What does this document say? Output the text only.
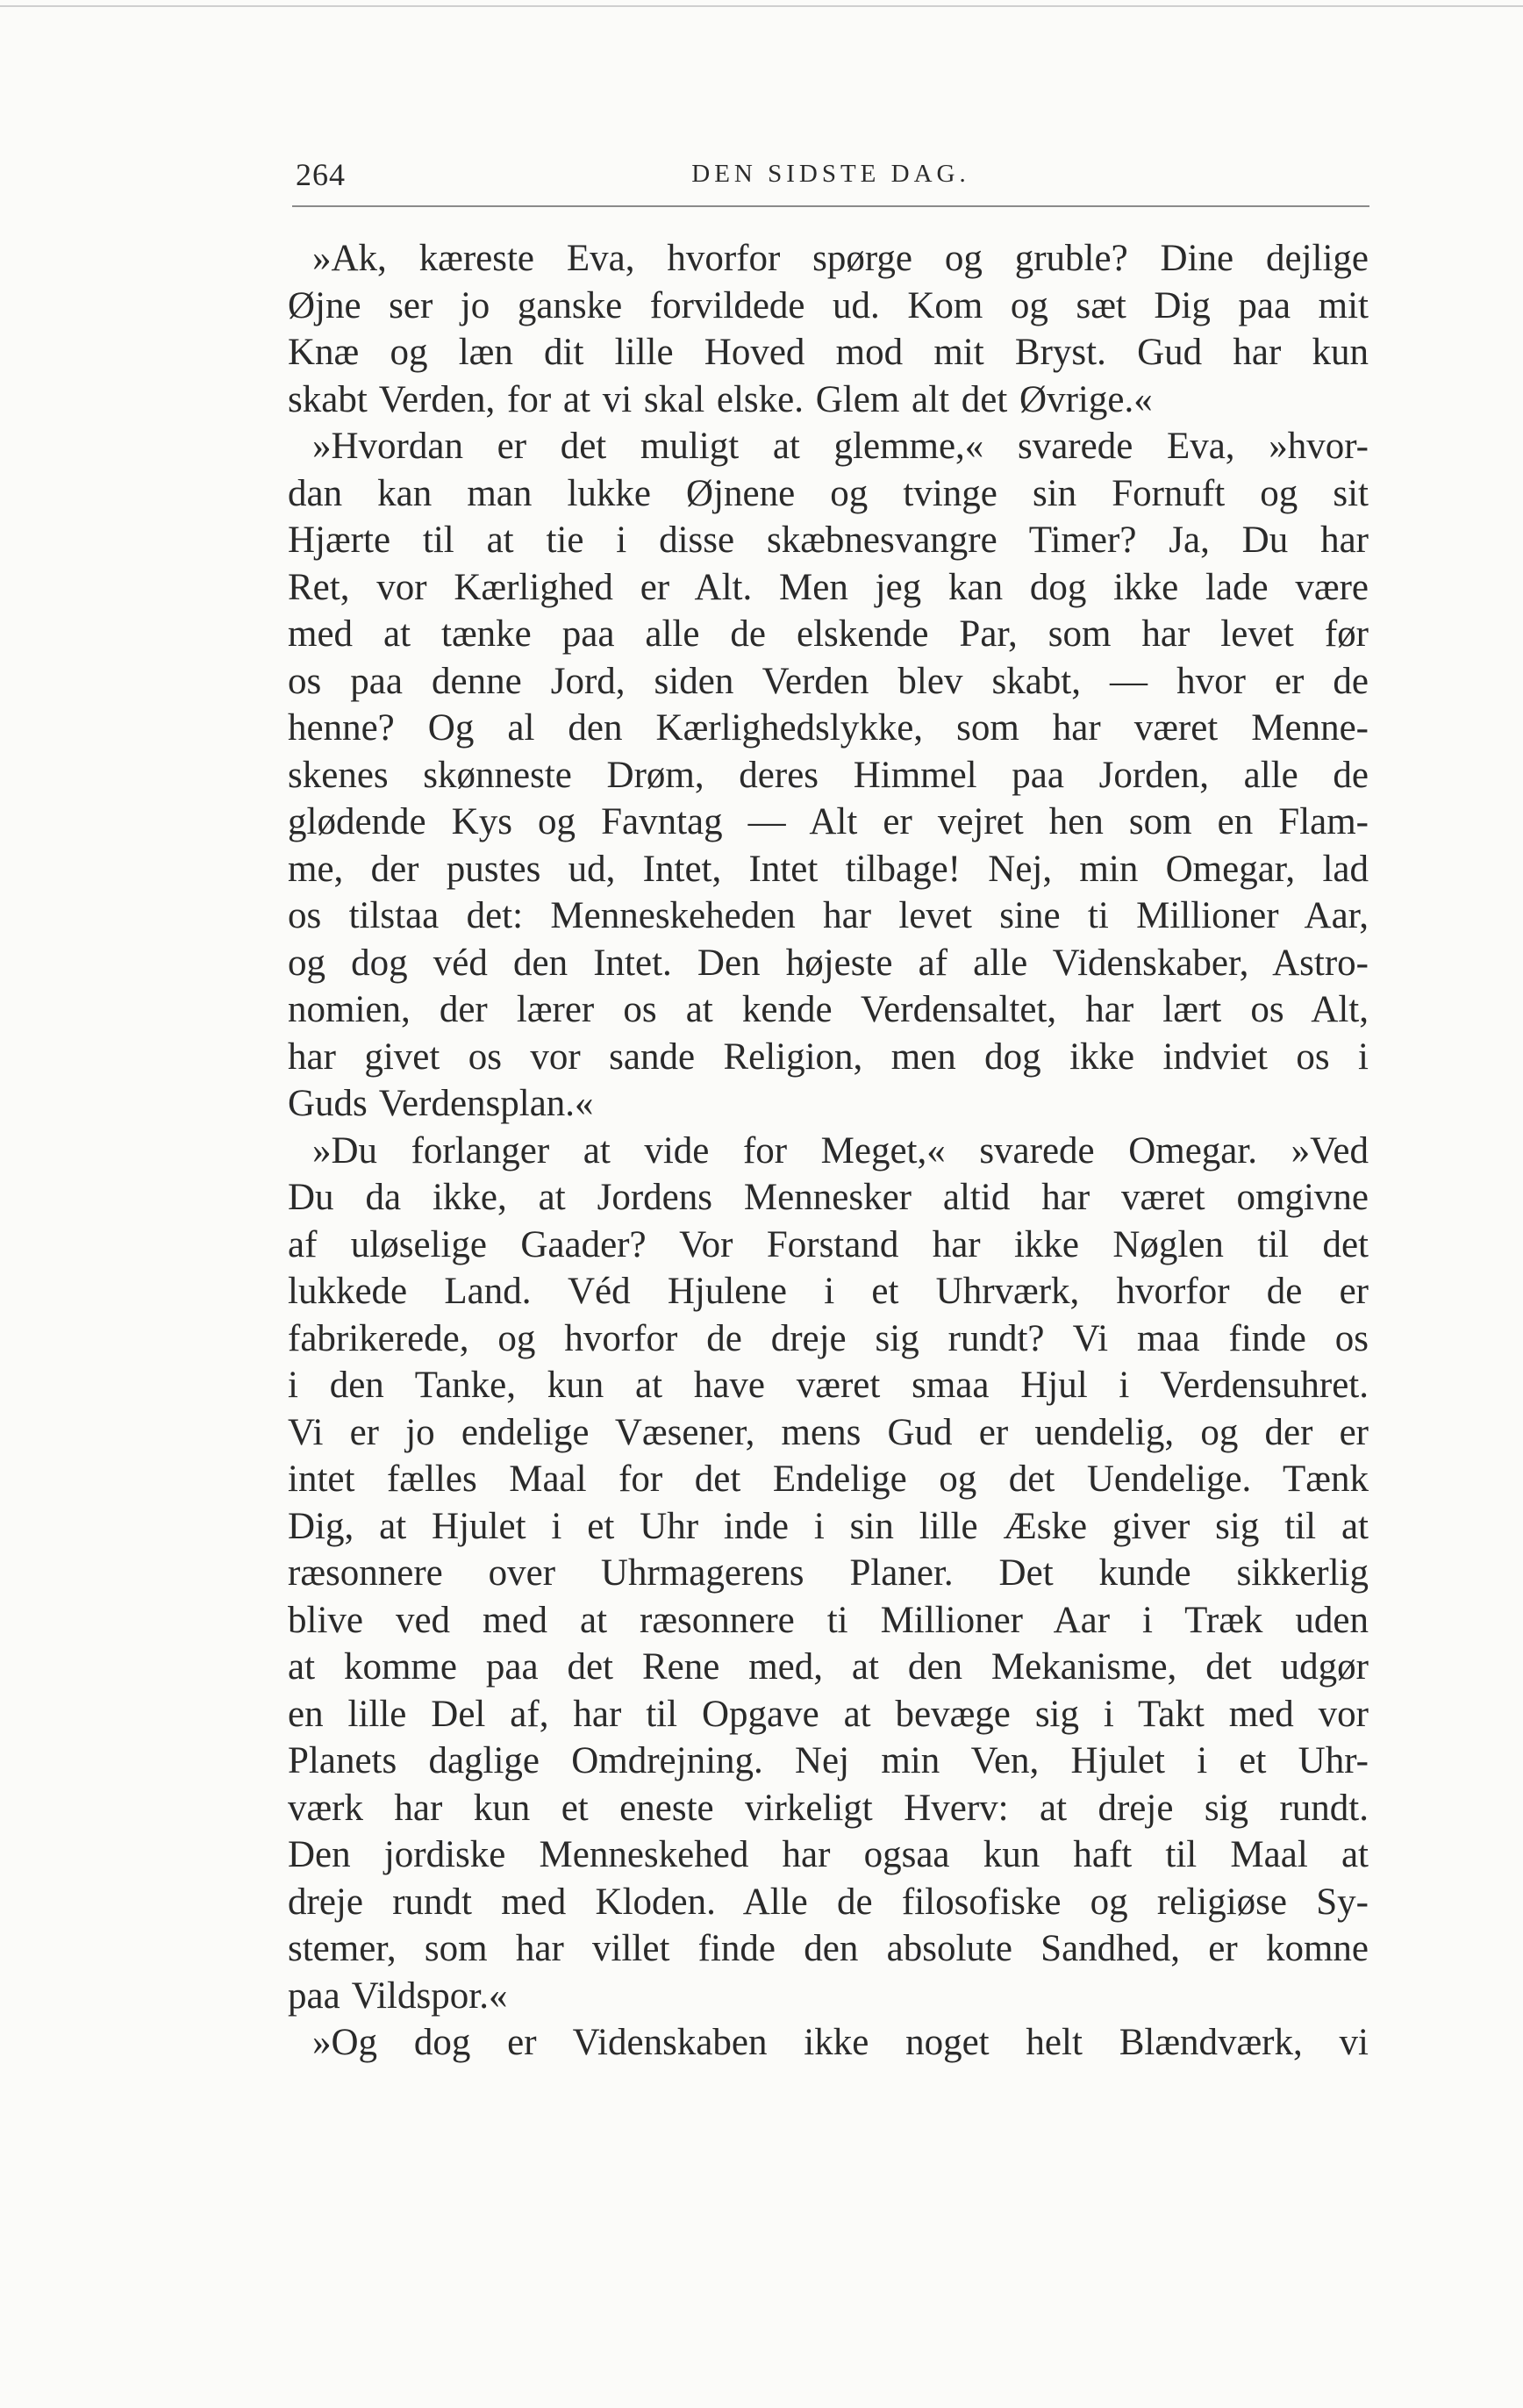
264	DEN SIDSTE DAG.
»Ak, kæreste Eva, hvorfor spørge og gruble? Dine dejlige
Øjne ser jo ganske forvildede ud. Kom og sæt Dig paa mit
Knæ og læn dit lille Hoved mod mit Bryst. Gud har kun
skabt Verden, for at vi skal elske. Glem alt det Øvrige.«
»Hvordan er det muligt at glemme,« svarede Eva, »hvor-
dan kan man lukke Øjnene og tvinge sin Fornuft og sit
Hjærte til at tie i disse skæbnesvangre Timer? Ja, Du har
Ret, vor Kærlighed er Alt. Men jeg kan dog ikke lade være
med at tænke paa alle de elskende Par, som har levet før
os paa denne Jord, siden Verden blev skabt, — hvor er de
henne? Og al den Kærlighedslykke, som har været Menne-
skenes skønneste Drøm, deres Himmel paa Jorden, alle de
glødende Kys og Favntag — Alt er vejret hen som en Flam-
me, der pustes ud, Intet, Intet tilbage! Nej, min Omegar, lad
os tilstaa det: Menneskeheden har levet sine ti Millioner Aar,
og dog véd den Intet. Den højeste af alle Videnskaber, Astro-
nomien, der lærer os at kende Verdensaltet, har lært os Alt,
har givet os vor sande Religion, men dog ikke indviet os i
Guds Verdensplan.«
»Du forlanger at vide for Meget,« svarede Omegar. »Ved
Du da ikke, at Jordens Mennesker altid har været omgivne
af uløselige Gaader? Vor Forstand har ikke Nøglen til det
lukkede Land. Véd Hjulene i et Uhrværk, hvorfor de er
fabrikerede, og hvorfor de dreje sig rundt? Vi maa finde os
i den Tanke, kun at have været smaa Hjul i Verdensuhret.
Vi er jo endelige Væsener, mens Gud er uendelig, og der er
intet fælles Maal for det Endelige og det Uendelige. Tænk
Dig, at Hjulet i et Uhr inde i sin lille Æske giver sig til at
ræsonnere over Uhrmagerens Planer. Det kunde sikkerlig
blive ved med at ræsonnere ti Millioner Aar i Træk uden
at komme paa det Rene med, at den Mekanisme, det udgør
en lille Del af, har til Opgave at bevæge sig i Takt med vor
Planets daglige Omdrejning. Nej min Ven, Hjulet i et Uhr-
værk har kun et eneste virkeligt Hverv: at dreje sig rundt.
Den jordiske Menneskehed har ogsaa kun haft til Maal at
dreje rundt med Kloden. Alle de filosofiske og religiøse Sy-
stemer, som har villet finde den absolute Sandhed, er komne
paa Vildspor.«
»Og dog er Videnskaben ikke noget helt Blændværk, vi
